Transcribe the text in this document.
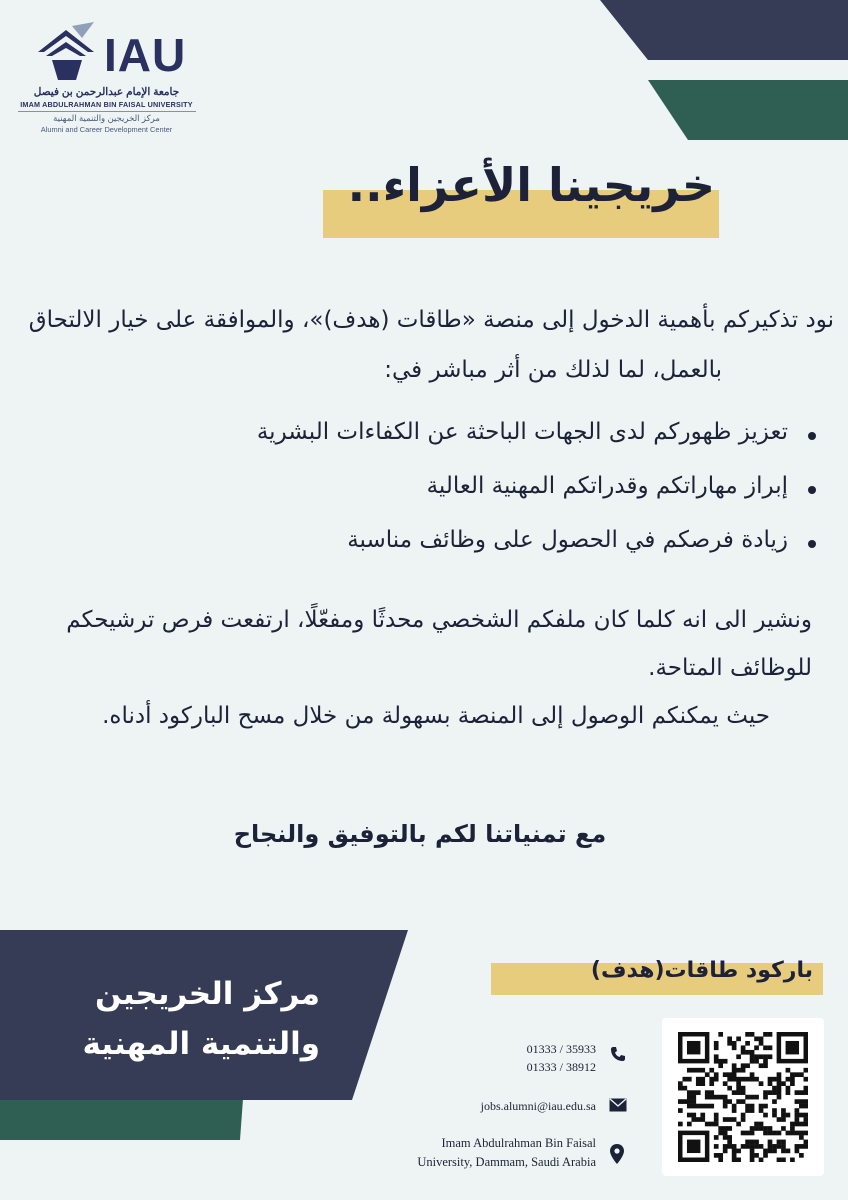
IAU
جامعة الإمام عبدالرحمن بن فيصل
IMAM ABDULRAHMAN BIN FAISAL UNIVERSITY
مركز الخريجين والتنمية المهنية
Alumni and Career Development Center
خريجينا الأعزاء..
نود تذكيركم بأهمية الدخول إلى منصة «طاقات (هدف)»، والموافقة على خيار الالتحاق
بالعمل، لما لذلك من أثر مباشر في:
تعزيز ظهوركم لدى الجهات الباحثة عن الكفاءات البشرية
إبراز مهاراتكم وقدراتكم المهنية العالية
زيادة فرصكم في الحصول على وظائف مناسبة
ونشير الى انه كلما كان ملفكم الشخصي محدثًا ومفعّلًا، ارتفعت فرص ترشيحكم
للوظائف المتاحة.
حيث يمكنكم الوصول إلى المنصة بسهولة من خلال مسح الباركود أدناه.
مع تمنياتنا لكم بالتوفيق والنجاح
مركز الخريجين
والتنمية المهنية
باركود طاقات(هدف)
01333 / 35933
01333 / 38912
jobs.alumni@iau.edu.sa
Imam Abdulrahman Bin Faisal
University, Dammam, Saudi Arabia
